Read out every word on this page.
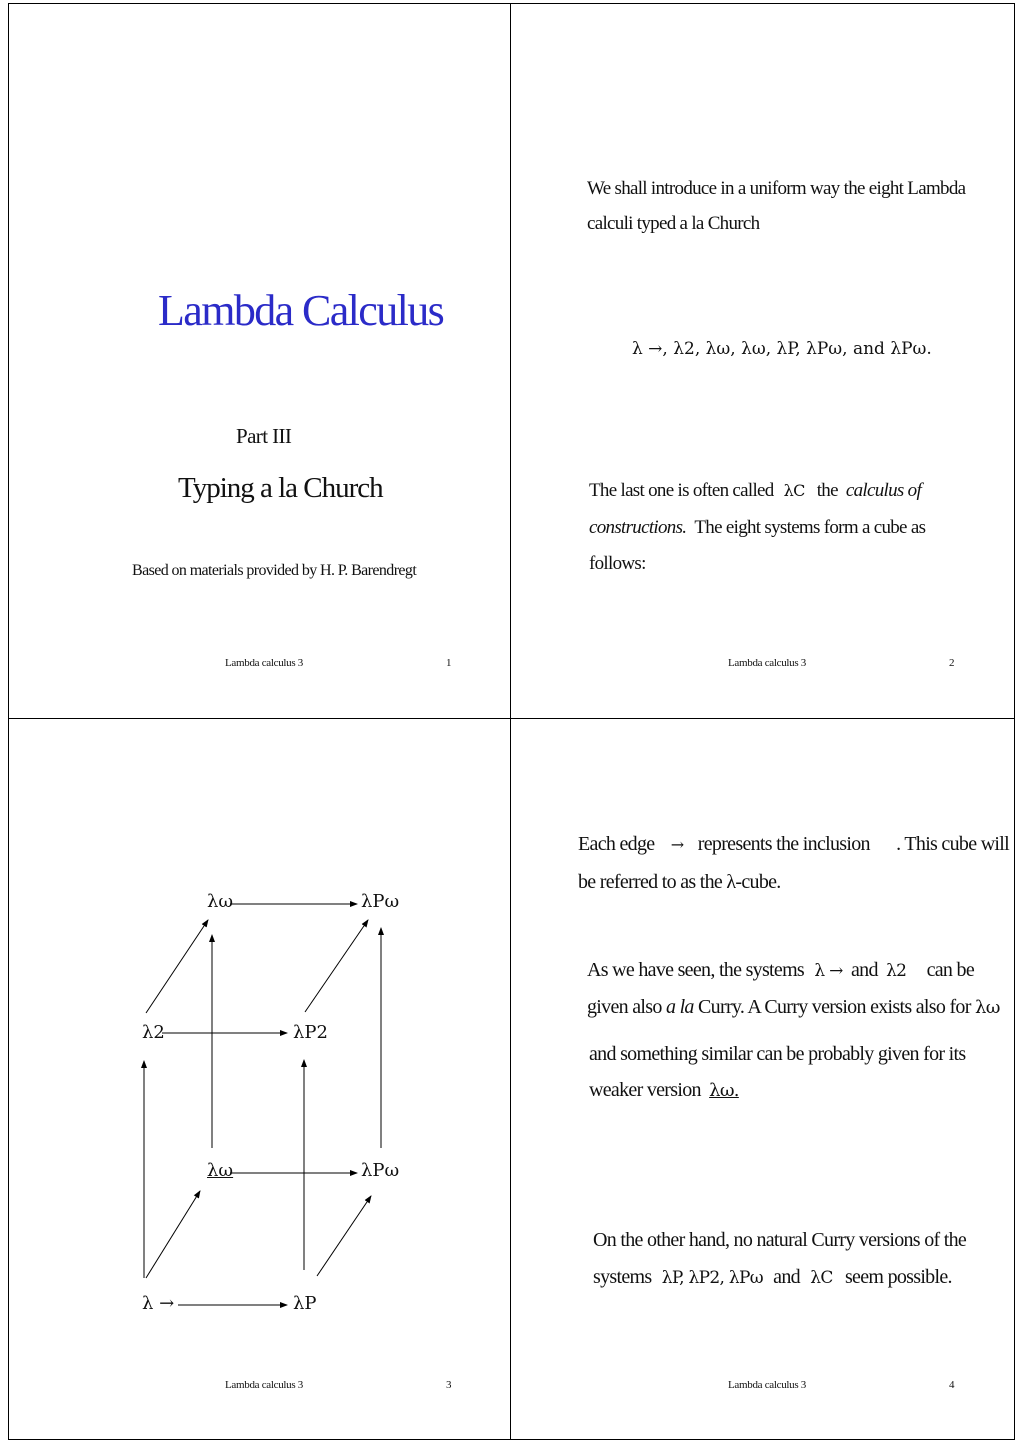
Lambda Calculus
Part III
Typing a la Church
Based on materials provided by H. P. Barendregt
Lambda calculus 3	1
We shall introduce in a uniform way the eight Lambda
calculi typed a la Church
λ →, λ2, λω, λω, λP, λPω, and λPω.
The last one is often called λC the calculus of
constructions. The eight systems form a cube as
follows:
Lambda calculus 3	2
λω	λPω
λ2	λP2
λω	λPω
λ →	λP
Lambda calculus 3	3
Each edge → represents the inclusion . This cube will
be referred to as the λ-cube.
As we have seen, the systems λ → and λ2 can be
given also a la Curry. A Curry version exists also for λω
and something similar can be probably given for its
weaker version λω.
On the other hand, no natural Curry versions of the
systems λP, λP2, λPω and λC seem possible.
Lambda calculus 3	4
